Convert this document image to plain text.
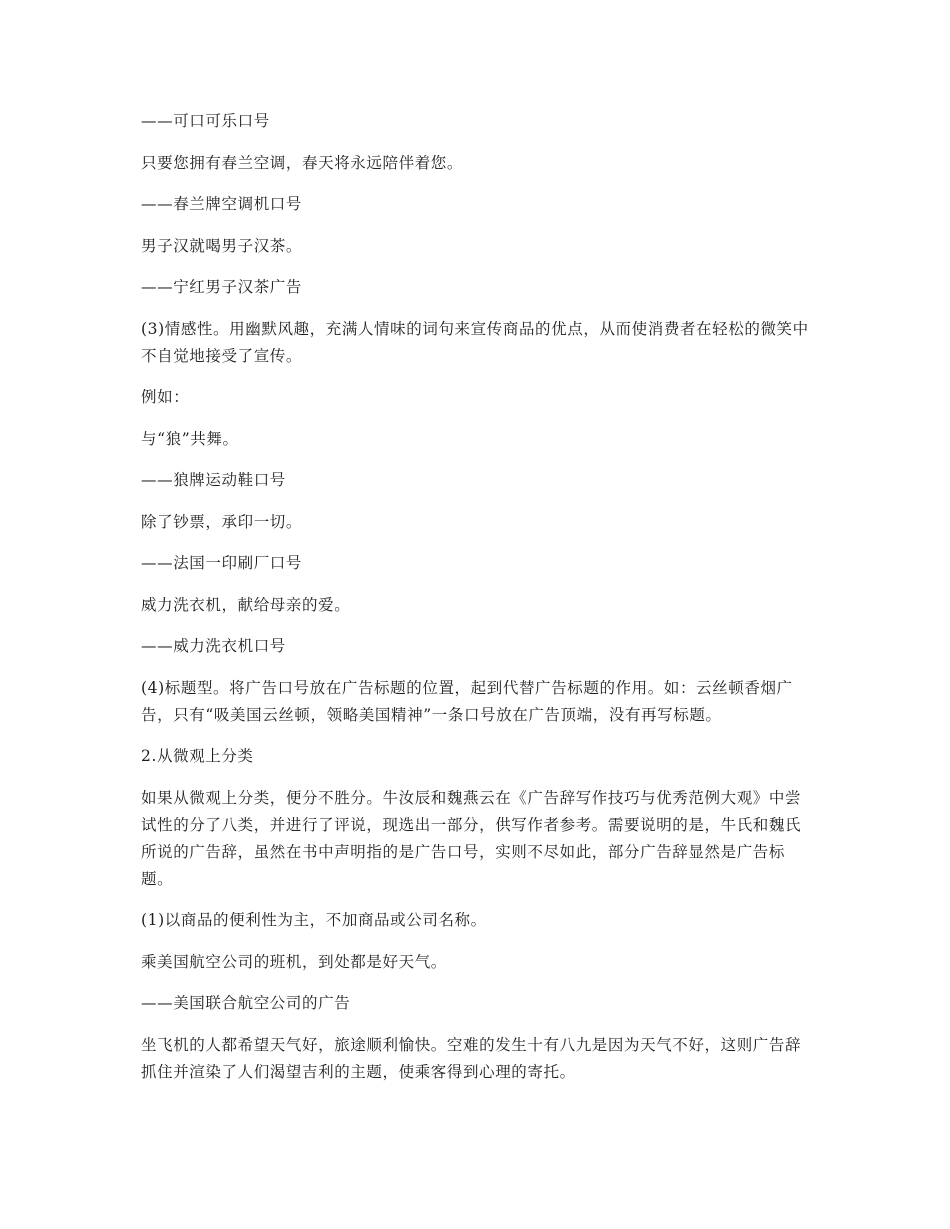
——可口可乐口号

只要您拥有春兰空调，春天将永远陪伴着您。

——春兰牌空调机口号

男子汉就喝男子汉茶。

——宁红男子汉茶广告

(3)情感性。用幽默风趣，充满人情味的词句来宣传商品的优点，从而使消费者在轻松的微笑中不自觉地接受了宣传。

例如：

与“狼”共舞。

——狼牌运动鞋口号

除了钞票，承印一切。

——法国一印刷厂口号

威力洗衣机，献给母亲的爱。

——威力洗衣机口号

(4)标题型。将广告口号放在广告标题的位置，起到代替广告标题的作用。如：云丝顿香烟广告，只有“吸美国云丝顿，领略美国精神”一条口号放在广告顶端，没有再写标题。

2.从微观上分类

如果从微观上分类，便分不胜分。牛汝辰和魏燕云在《广告辞写作技巧与优秀范例大观》中尝试性的分了八类，并进行了评说，现选出一部分，供写作者参考。需要说明的是，牛氏和魏氏所说的广告辞，虽然在书中声明指的是广告口号，实则不尽如此，部分广告辞显然是广告标题。

(1)以商品的便利性为主，不加商品或公司名称。

乘美国航空公司的班机，到处都是好天气。

——美国联合航空公司的广告

坐飞机的人都希望天气好，旅途顺利愉快。空难的发生十有八九是因为天气不好，这则广告辞抓住并渲染了人们渴望吉利的主题，使乘客得到心理的寄托。
